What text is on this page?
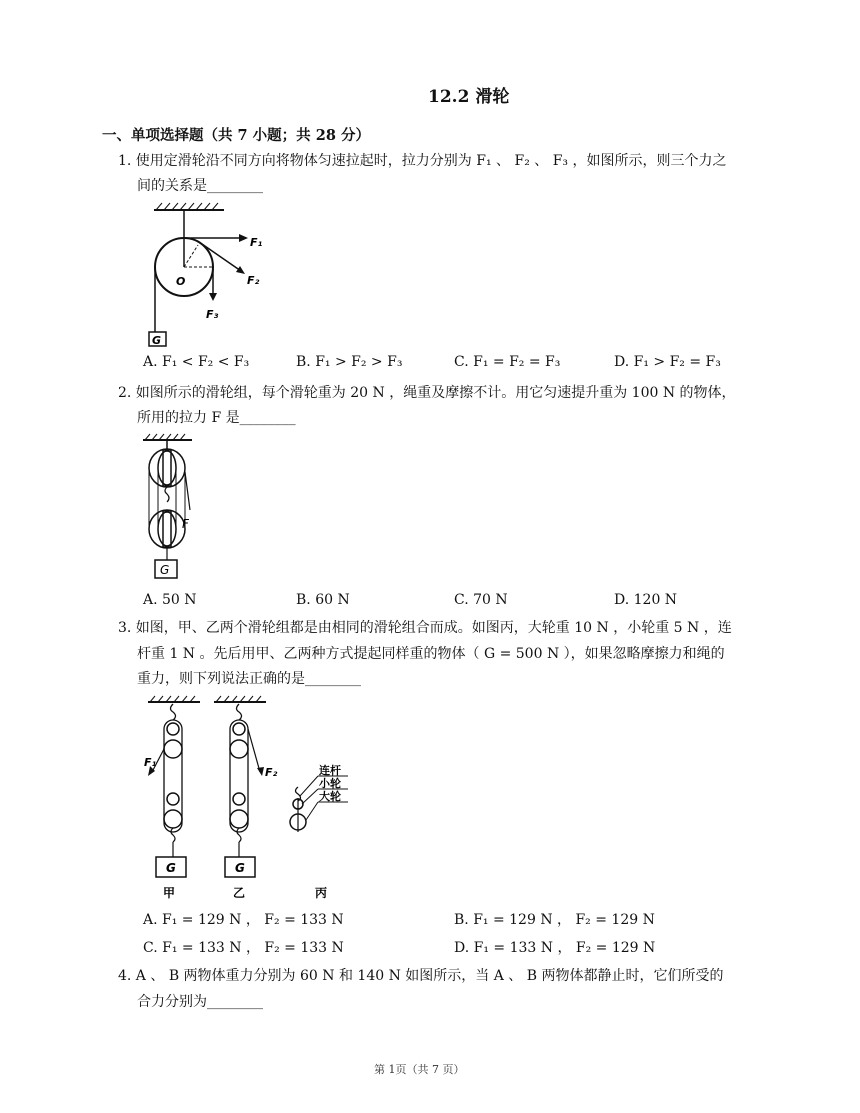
12.2 滑轮
一、单项选择题（共 7 小题；共 28 分）
1. 使用定滑轮沿不同方向将物体匀速拉起时，拉力分别为 F₁ 、 F₂ 、 F₃ ，如图所示，则三个力之
间的关系是________
G
F₁
F₂
F₃
O
A. F₁ < F₂ < F₃	B. F₁ > F₂ > F₃	C. F₁ = F₂ = F₃	D. F₁ > F₂ = F₃
2. 如图所示的滑轮组，每个滑轮重为 20 N ，绳重及摩擦不计。用它匀速提升重为 100 N 的物体，
所用的拉力 F 是________
F
G
A. 50 N	B. 60 N	C. 70 N	D. 120 N
3. 如图，甲、乙两个滑轮组都是由相同的滑轮组合而成。如图丙，大轮重 10 N ，小轮重 5 N ，连
杆重 1 N 。先后用甲、乙两种方式提起同样重的物体（ G = 500 N ），如果忽略摩擦力和绳的
重力，则下列说法正确的是________
F₁
G
甲
F₂
G
乙
连杆
小轮
大轮
丙
A. F₁ = 129 N ， F₂ = 133 N	B. F₁ = 129 N ， F₂ = 129 N
C. F₁ = 133 N ， F₂ = 133 N	D. F₁ = 133 N ， F₂ = 129 N
4. A 、 B 两物体重力分别为 60 N 和 140 N 如图所示，当 A 、 B 两物体都静止时，它们所受的
合力分别为________
第 1页（共 7 页）
